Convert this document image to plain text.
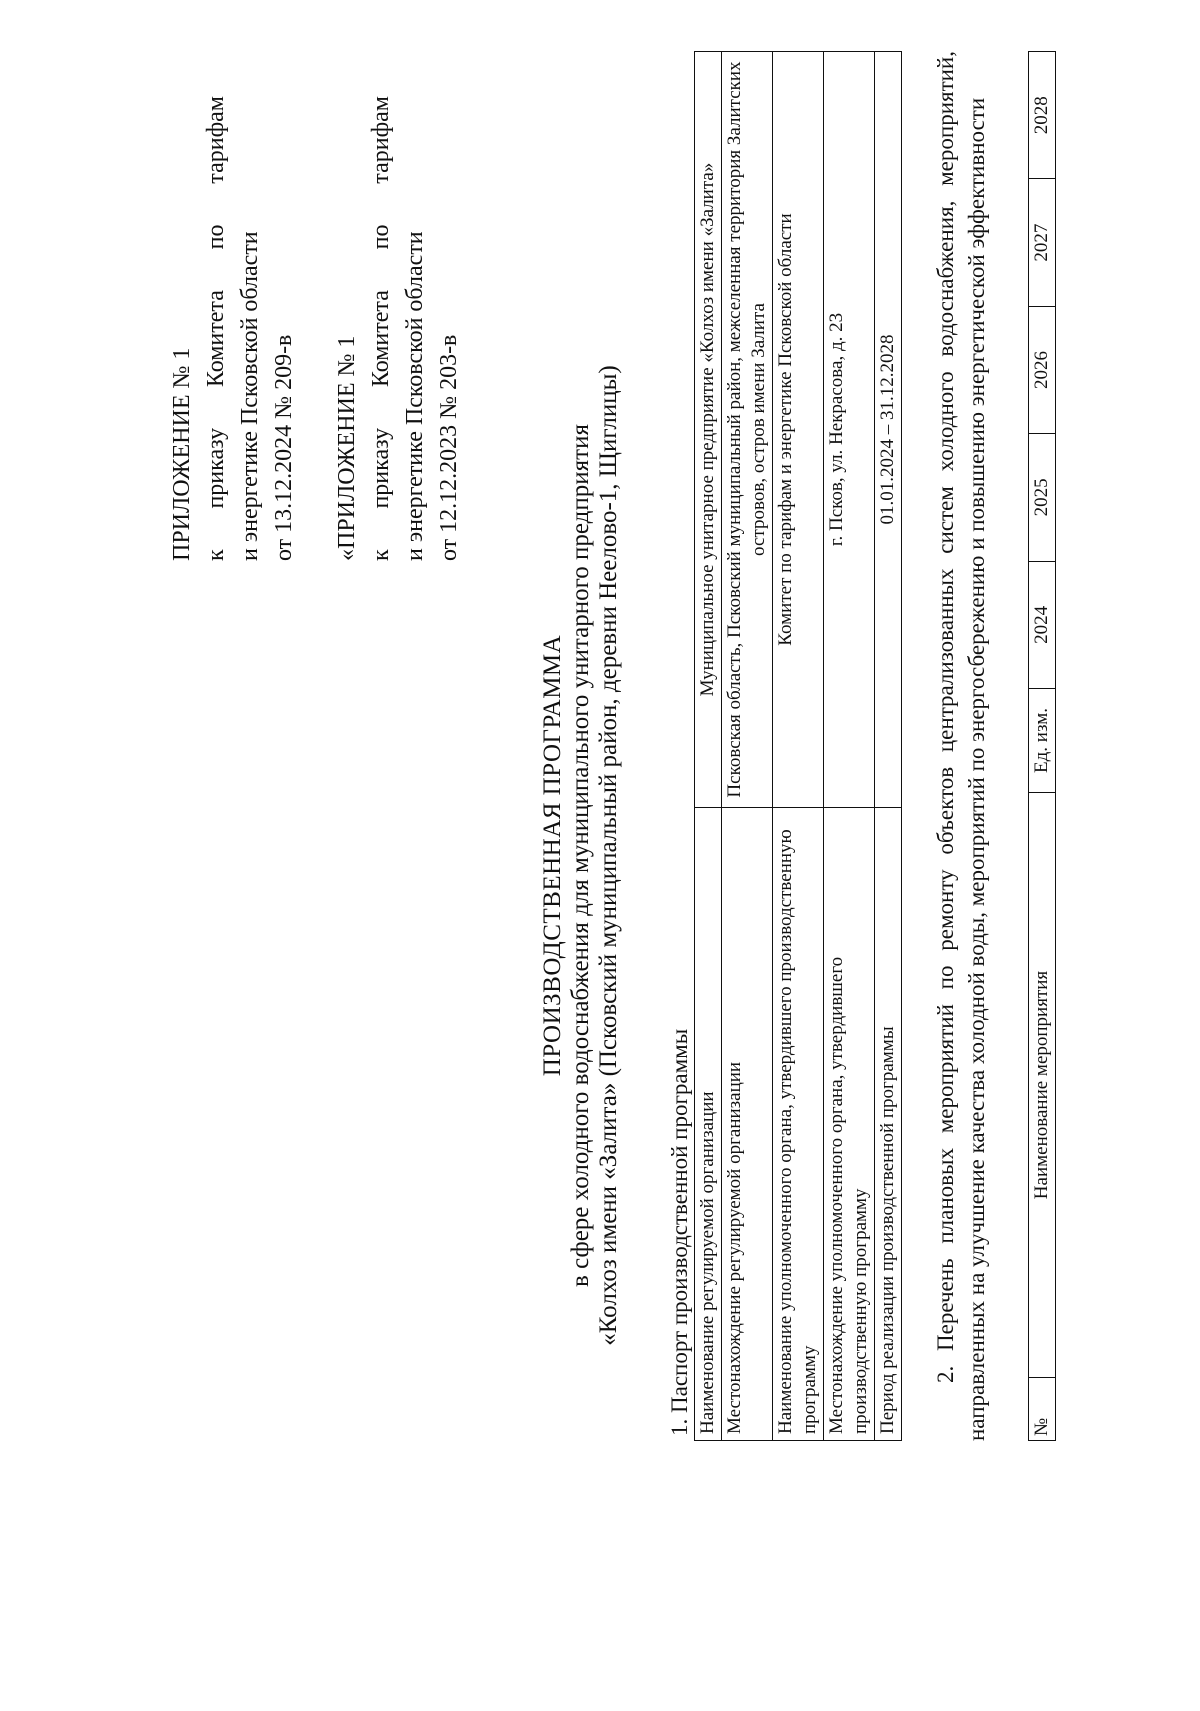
ПРИЛОЖЕНИЕ № 1 к
приказу
Комитета
по
тарифам
и энергетике Псковской области от 13.12.2024 № 209-в «ПРИЛОЖЕНИЕ № 1 к
приказу
Комитета
по
тарифам
и энергетике Псковской области от 12.12.2023 № 203-в
ПРОИЗВОДСТВЕННАЯ ПРОГРАММА в сфере холодного водоснабжения для муниципального унитарного предприятия «Колхоз имени «Залита» (Псковский муниципальный район, деревни Неелово-1, Щиглицы) 1. Паспорт производственной программы Наименование регулируемой организации	Муниципальное унитарное предприятие «Колхоз имени «Залита»
Местонахождение регулируемой организации	Псковская область, Псковский муниципальный район, межселенная территория Залитских островов, остров имени Залита
Наименование уполномоченного органа, утвердившего производственную программу	Комитет по тарифам и энергетике Псковской области
Местонахождение уполномоченного органа, утвердившего производственную программу	г. Псков, ул. Некрасова, д. 23
Период реализации производственной программы	01.01.2024 – 31.12.2028 2. Перечень плановых мероприятий по ремонту объектов централизованных систем холодного водоснабжения, мероприятий, направленных на улучшение качества холодной воды, мероприятий по энергосбережению и повышению энергетической эффективности №	Наименование мероприятия	Ед. изм.	2024	2025	2026	2027	2028
